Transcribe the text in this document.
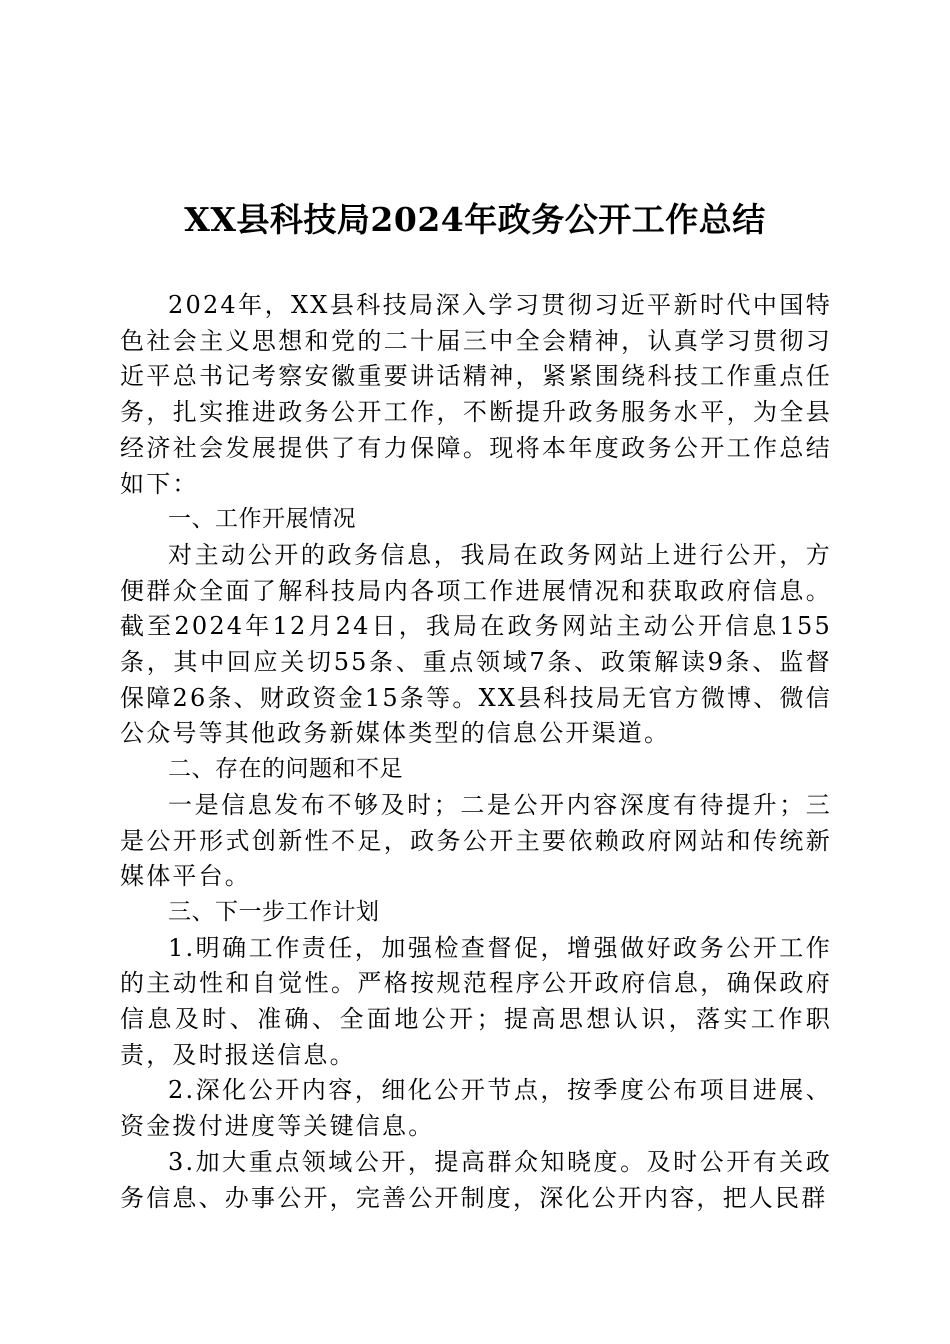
XX县科技局2024年政务公开工作总结

2024年，XX县科技局深入学习贯彻习近平新时代中国特色社会主义思想和党的二十届三中全会精神，认真学习贯彻习近平总书记考察安徽重要讲话精神，紧紧围绕科技工作重点任务，扎实推进政务公开工作，不断提升政务服务水平，为全县经济社会发展提供了有力保障。现将本年度政务公开工作总结如下：

一、工作开展情况

对主动公开的政务信息，我局在政务网站上进行公开，方便群众全面了解科技局内各项工作进展情况和获取政府信息。截至2024年12月24日，我局在政务网站主动公开信息155条，其中回应关切55条、重点领域7条、政策解读9条、监督保障26条、财政资金15条等。XX县科技局无官方微博、微信公众号等其他政务新媒体类型的信息公开渠道。

二、存在的问题和不足

一是信息发布不够及时；二是公开内容深度有待提升；三是公开形式创新性不足，政务公开主要依赖政府网站和传统新媒体平台。

三、下一步工作计划

1.明确工作责任，加强检查督促，增强做好政务公开工作的主动性和自觉性。严格按规范程序公开政府信息，确保政府信息及时、准确、全面地公开；提高思想认识，落实工作职责，及时报送信息。

2.深化公开内容，细化公开节点，按季度公布项目进展、资金拨付进度等关键信息。

3.加大重点领域公开，提高群众知晓度。及时公开有关政务信息、办事公开，完善公开制度，深化公开内容，把人民群
